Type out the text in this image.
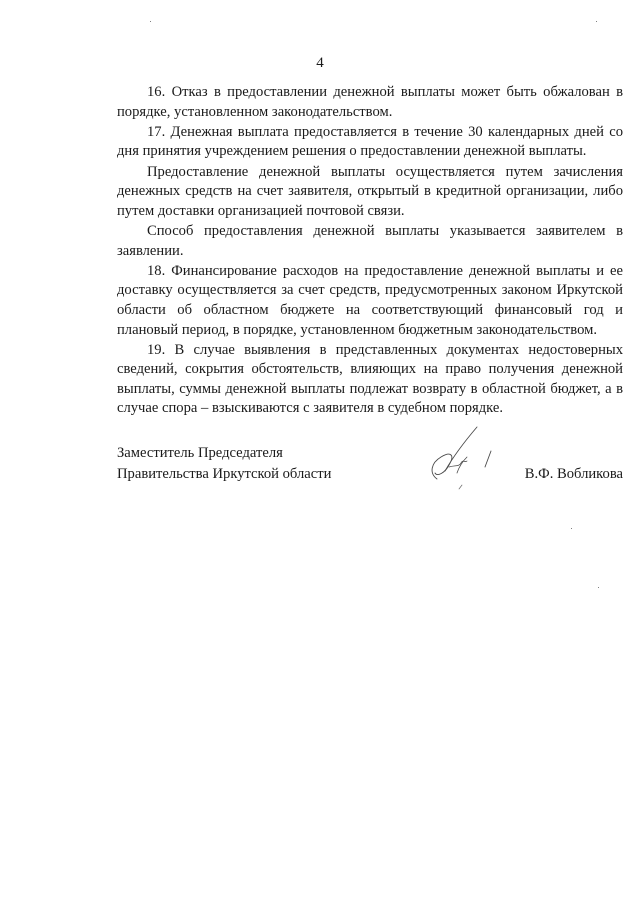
4

16. Отказ в предоставлении денежной выплаты может быть обжалован в порядке, установленном законодательством.

17. Денежная выплата предоставляется в течение 30 календарных дней со дня принятия учреждением решения о предоставлении денежной выплаты.

Предоставление денежной выплаты осуществляется путем зачисления денежных средств на счет заявителя, открытый в кредитной организации, либо путем доставки организацией почтовой связи.

Способ предоставления денежной выплаты указывается заявителем в заявлении.

18. Финансирование расходов на предоставление денежной выплаты и ее доставку осуществляется за счет средств, предусмотренных законом Иркутской области об областном бюджете на соответствующий финансовый год и плановый период, в порядке, установленном бюджетным законодательством.

19. В случае выявления в представленных документах недостоверных сведений, сокрытия обстоятельств, влияющих на право получения денежной выплаты, суммы денежной выплаты подлежат возврату в областной бюджет, а в случае спора – взыскиваются с заявителя в судебном порядке.

Заместитель Председателя
Правительства Иркутской области	В.Ф. Вобликова
